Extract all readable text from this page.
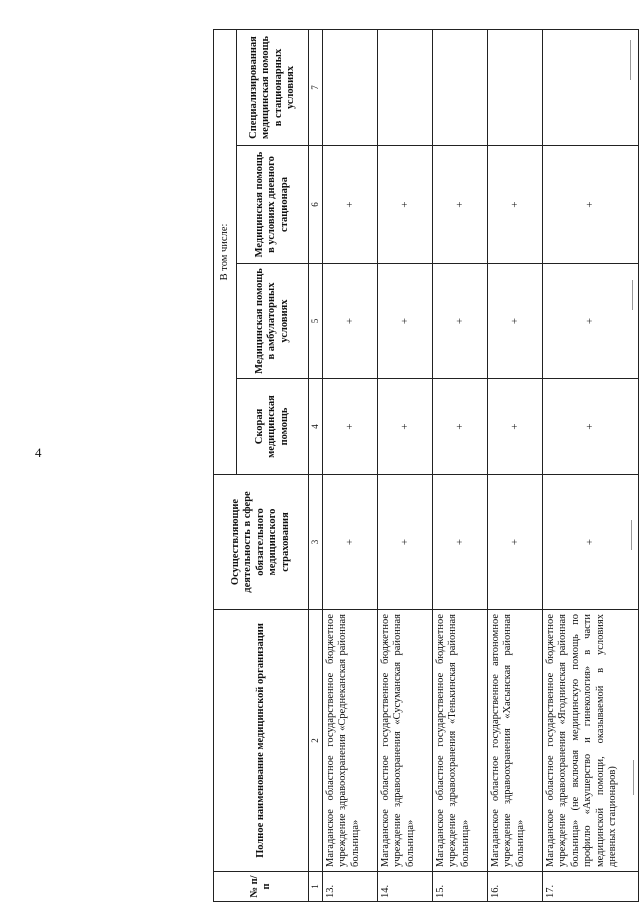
4
№ п/п	Полное наименование медицинской организации	Осуществляющие деятельность в сфере обязательного медицинского страхования	В том числе:			
			Скорая медицинская помощь	Медицинская помощь в амбулаторных условиях	Медицинская помощь в условиях дневного стационара	Специализированная медицинская помощь в стационарных условиях
1	2	3	4	5	6	7
13.	Магаданское областное государственное бюджетное учреждение здравоохранения «Среднеканская районная больница»	+	+	+	+	
14.	Магаданское областное государственное бюджетное учреждение здравоохранения «Сусуманская районная больница»	+	+	+	+	
15.	Магаданское областное государственное бюджетное учреждение здравоохранения «Тенькинская районная больница»	+	+	+	+	
16.	Магаданское областное государственное автономное учреждение здравоохранения «Хасынская районная больница»	+	+	+	+	
17.	Магаданское областное государственное бюджетное учреждение здравоохранения «Ягоднинская районная больница» (не включая медицинскую помощь по профилю «Акушерство и гинекология» в части медицинской помощи, оказываемой в условиях дневных стационаров)	+	+	+	+	
